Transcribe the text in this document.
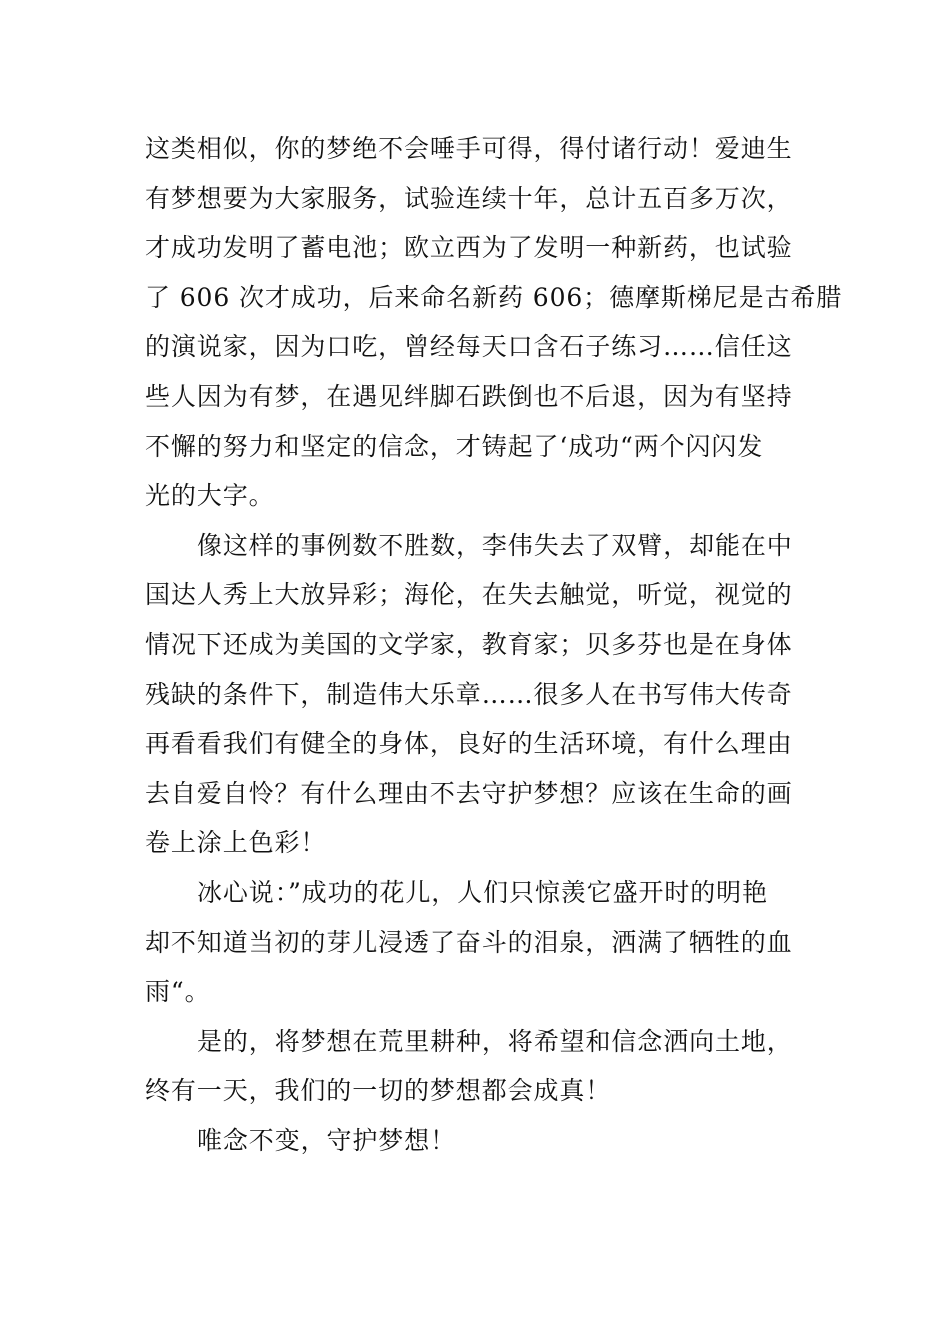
这类相似，你的梦绝不会唾手可得，得付诸行动！爱迪生
有梦想要为大家服务，试验连续十年，总计五百多万次，
才成功发明了蓄电池；欧立西为了发明一种新药，也试验
了 606 次才成功，后来命名新药 606；德摩斯梯尼是古希腊
的演说家，因为口吃，曾经每天口含石子练习……信任这
些人因为有梦，在遇见绊脚石跌倒也不后退，因为有坚持
不懈的努力和坚定的信念，才铸起了‘成功“两个闪闪发
光的大字。
像这样的事例数不胜数，李伟失去了双臂，却能在中
国达人秀上大放异彩；海伦，在失去触觉，听觉，视觉的
情况下还成为美国的文学家，教育家；贝多芬也是在身体
残缺的条件下，制造伟大乐章……很多人在书写伟大传奇
再看看我们有健全的身体，良好的生活环境，有什么理由
去自爱自怜？有什么理由不去守护梦想？应该在生命的画
卷上涂上色彩！
冰心说：”成功的花儿，人们只惊羡它盛开时的明艳
却不知道当初的芽儿浸透了奋斗的泪泉，洒满了牺牲的血
雨“。
是的，将梦想在荒里耕种，将希望和信念洒向土地，
终有一天，我们的一切的梦想都会成真！
唯念不变，守护梦想！
